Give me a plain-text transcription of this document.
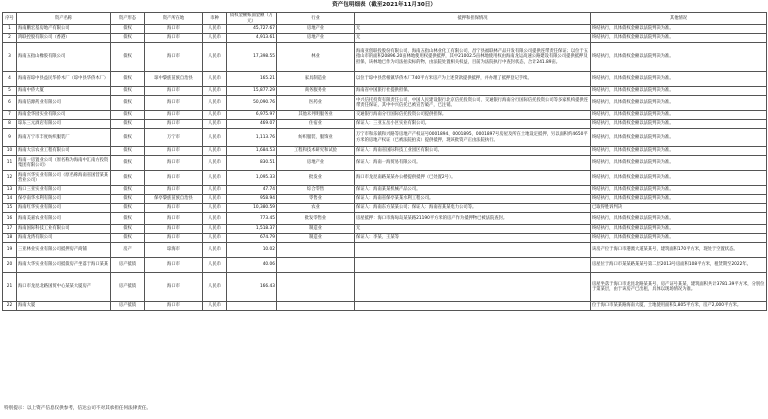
资产包明细表（截至2021年11月30日）
序号	资产名称	资产形态	资产所在地	币种	债权金额账面金额（万元）	行业	抵押和担保情况	其他情况
1	海南鹏宏基房地产有限公司	债权	海口市	人民币	45,727.67	房地产业	无	终结执行，具体债权金额以法院判决为准。
2	鸿联控股有限公司（香港）	债权	海口市	人民币	4,913.61	房地产业	无	终结执行，具体债权金额以法院判决为准。
3	海南五指山橡胶有限公司	债权	海口市	人民币	17,398.55	林业	海南亚创联投股份有限公司、海南五指山林业化工有限公司、昌宁县福联林产品开发有限公司提供连带责任保证；以位于五指山市的面积20896.20亩林地使用权提供抵押，其中21002.5亩林地使用权由海南龙运高速公路建设有限公司提供抵押及担保，该林地已作为司法拍卖标的物，由法院处置相关权益，目前为法院执行中查封状态，合计241.89亩。	终结执行，具体债权金额以法院判决为准。
4	海南省琼中县益民华侨木厂（琼中县华侨木厂）	债权	琼中黎族苗族自治县	人民币	165.21	家具制造业	以位于琼中县营根镇华侨木厂740平方米房产为上述贷款提供抵押，并办理了抵押登记手续。	终结执行，具体债权金额以法院判决为准。
5	海南中侨大厦	债权	海口市	人民币	15,877.29	商务服务业	海南省中国旅行社提供担保。	终结执行，具体债权金额以法院判决为准。
6	海南信源药业有限公司	债权	海口市	人民币	50,090.76	医药业	中兴信托投资有限责任公司、中国人民建设银行北京信托投资公司、交通银行海南分行国际信托投资公司等多家机构提供连带责任保证，其中中兴信托已被宣告破产，已注销。	终结执行，具体债权金额以法院判决为准。
7	海南金华园实业有限公司	债权	海口市	人民币	6,975.97	其他未列明服务业	交通银行海南分行国际信托投资公司提供担保。	终结执行，具体债权金额以法院判决为准。
8	琼东三元酒店有限公司	债权	海口市	人民币	469.07	住宿业	保证人：三亚五岳小区实业有限公司。	终结执行，具体债权金额以法院判决为准。
9	海南万宁市丰度纺织服装厂	债权	万宁市	人民币	1,113.76	纺织服装、服饰业	万宁市和乐镇和兴路等房地产产权证号0001894、0001895、0001897号房屋及所在土地设定抵押，另以面积约4650平方米的房地产权证（已被法院拍卖）提供抵押，现该批资产正由法院执行。	终结执行，具体债权金额以法院判决为准。
10	海南大宗农业工程有限公司	债权	海口市	人民币	1,684.53	工程和技术研究和试验	保证人：海南省国际科技工业园区有限公司。	终结执行，具体债权金额以法院判决为准。
11	海南一房置业公司（原名称为海南中汇南方投资集团有限公司）	债权	海口市	人民币	830.51	房地产业	保证人：海南一海贸易有限公司。	终结执行，具体债权金额以法院判决为准。
12	海南兴华实业有限公司（原名称海南省国营某某营业公司）	债权	海口市	人民币	1,095.33	批发业	海口市龙昆南路某某办公楼提供抵押（已处置2号）。	终结执行，具体债权金额以法院判决为准。
13	海口三亚实业有限公司	债权	海口市	人民币	47.74	综合零售	保证人：海南某某机械产品公司。	终结执行，具体债权金额以法院判决为准。
14	保亭南华水利有限公司	债权	保亭黎族苗族自治县	人民币	958.94	零售业	保证人：海南省保亭某某水利工程公司。	终结执行，具体债权金额以法院判决为准。
15	海南红华实业有限公司	债权	海口市	人民币	10,380.59	农业	保证人：海南东方某某公司；保证人：海南省某某电力公司等。	已取得胜诉判决
16	海南美嘉农业有限公司	债权	海口市	人民币	773.45	批发零售业	房屋抵押：海口市海甸岛某某路21190平方米的房产作为抵押物已被法院查封。	终结执行，具体债权金额以法院判决为准。
17	海南国际科技工业有限公司	债权	海口市	人民币	1,518.37	制造业	无	终结执行，具体债权金额以法院判决为准。
18	海南龙湾有限公司	债权	海口市	人民币	674.79	制造业	保证人：李某、王某等	终结执行，具体债权金额以法院判决为准。
19	三亚林业实业有限公司抵押房产商铺	房产	琼海市	人民币	10.02			该房产位于海口市港澳大道某某号，建筑面积170平方米，现处于空置状态。
20	海南大华实业有限公司抵债房产坐落于海口某某	房产抵债	海口市	人民币	40.06			房屋位于海口市某某路某某号第二层2013号房面积108平方米，租赁期至2022年。
21	海口市龙昆北路国贸中心某某大厦房产	房产抵债	海口市	人民币	166.43			房屋坐落于海口市龙昆北路某某号，房产证号某某，建筑面积共计3781.39平方米，分别位于第某层，由于该房产已出租，具体以现场情况为准。
22	海南大厦	房产抵债	海口市	人民币				位于海口市某某路海南大厦，土地使用面积1,805平方米，房产2,000平方米。
特别提示：以上资产信息仅供参考，信达公司不对其承担任何法律责任。
